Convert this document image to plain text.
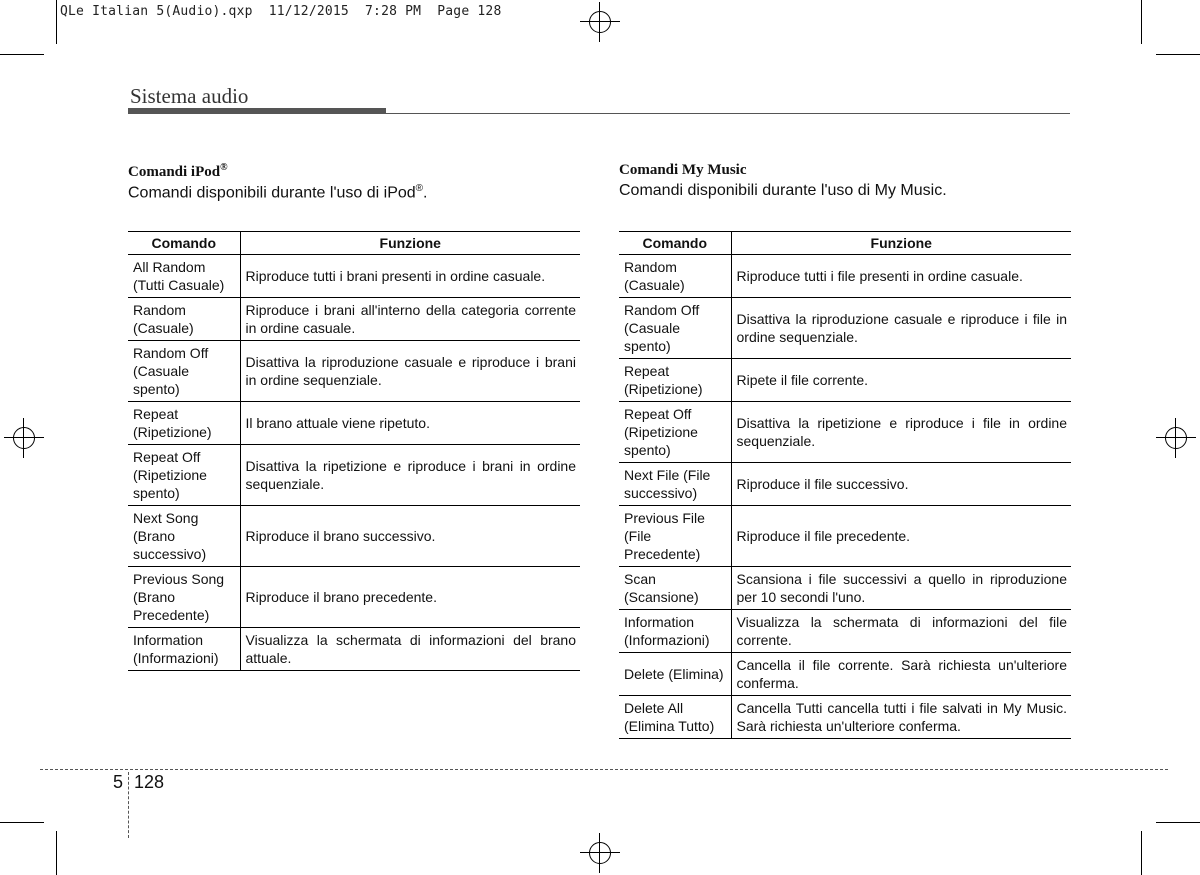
QLe Italian 5(Audio).qxp  11/12/2015  7:28 PM  Page 128
Sistema audio
Comandi iPod®
Comandi disponibili durante l'uso di iPod®.
Comando	Funzione
All Random
(Tutti Casuale)	Riproduce tutti i brani presenti in ordine casuale.
Random
(Casuale)	Riproduce i brani all'interno della categoria corrente in ordine casuale.
Random Off
(Casuale
spento)	Disattiva la riproduzione casuale e riproduce i brani in ordine sequenziale.
Repeat
(Ripetizione)	Il brano attuale viene ripetuto.
Repeat Off
(Ripetizione
spento)	Disattiva la ripetizione e riproduce i brani in ordine sequenziale.
Next Song
(Brano
successivo)	Riproduce il brano successivo.
Previous Song
(Brano
Precedente)	Riproduce il brano precedente.
Information
(Informazioni)	Visualizza la schermata di informazioni del brano attuale.
Comandi My Music
Comandi disponibili durante l'uso di My Music.
Comando	Funzione
Random
(Casuale)	Riproduce tutti i file presenti in ordine casuale.
Random Off
(Casuale
spento)	Disattiva la riproduzione casuale e riproduce i file in ordine sequenziale.
Repeat
(Ripetizione)	Ripete il file corrente.
Repeat Off
(Ripetizione
spento)	Disattiva la ripetizione e riproduce i file in ordine sequenziale.
Next File (File
successivo)	Riproduce il file successivo.
Previous File
(File
Precedente)	Riproduce il file precedente.
Scan
(Scansione)	Scansiona i file successivi a quello in riproduzione per 10 secondi l'uno.
Information
(Informazioni)	Visualizza la schermata di informazioni del file corrente.
Delete (Elimina)	Cancella il file corrente. Sarà richiesta un'ulteriore conferma.
Delete All
(Elimina Tutto)	Cancella Tutti cancella tutti i file salvati in My Music. Sarà richiesta un'ulteriore conferma.
5 128
